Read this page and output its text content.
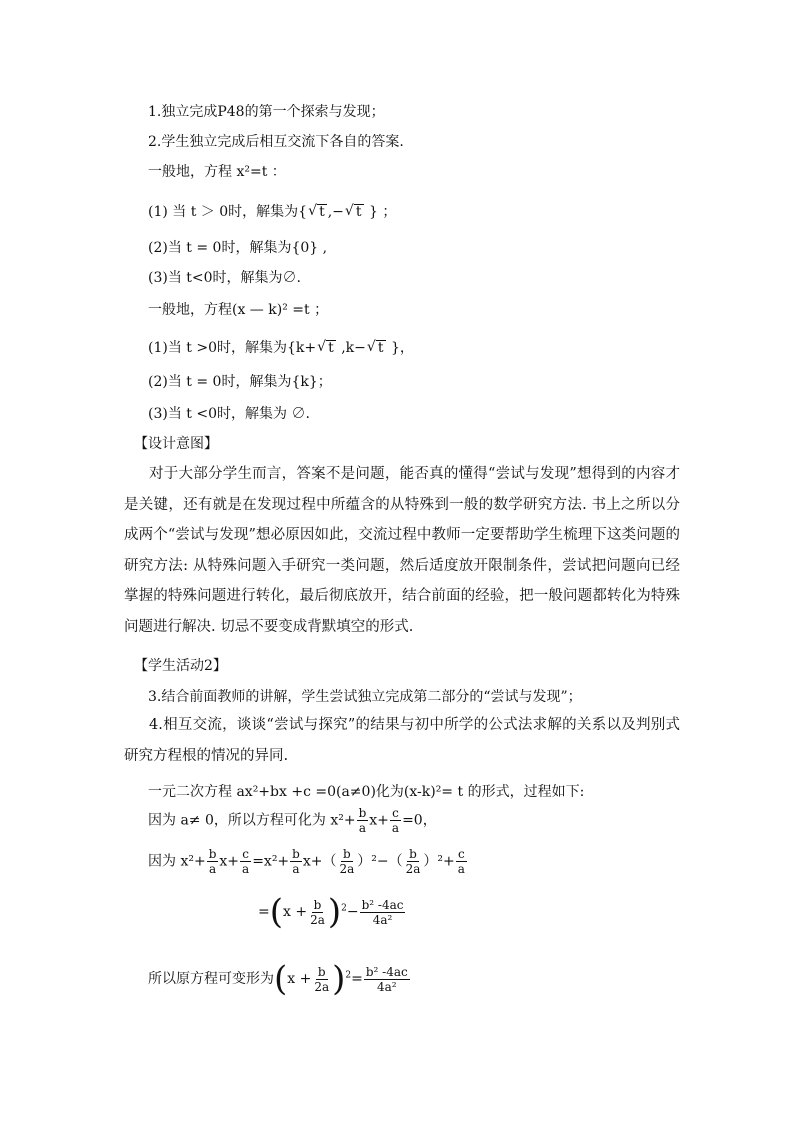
1.独立完成P48的第一个探索与发现；
2.学生独立完成后相互交流下各自的答案.
一般地，方程 x²=t ：
(1) 当 t ＞ 0时，解集为{ √ t ,− √ t } ；
(2)当 t = 0时，解集为{0} ,
(3)当 t<0时，解集为∅.
一般地，方程(x — k)² =t ；
(1)当 t >0时，解集为{k+ √ t ,k− √ t }，
(2)当 t = 0时，解集为{k}；
(3)当 t <0时，解集为 ∅.
【设计意图】
对于大部分学生而言，答案不是问题，能否真的懂得“尝试与发现”想得到的内容才是关键，还有就是在发现过程中所蕴含的从特殊到一般的数学研究方法. 书上之所以分成两个“尝试与发现”想必原因如此，交流过程中教师一定要帮助学生梳理下这类问题的研究方法: 从特殊问题入手研究一类问题，然后适度放开限制条件，尝试把问题向已经掌握的特殊问题进行转化，最后彻底放开，结合前面的经验，把一般问题都转化为特殊问题进行解决. 切忌不要变成背默填空的形式.
【学生活动2】
3.结合前面教师的讲解，学生尝试独立完成第二部分的“尝试与发现”；
4.相互交流，谈谈“尝试与探究”的结果与初中所学的公式法求解的关系以及判别式研究方程根的情况的异同.
一元二次方程 ax²+bx +c =0(a≠0)化为(x-k)²= t 的形式，过程如下:
因为 a≠ 0，所以方程可化为 $x^2+ \frac{b}{a} x+ \frac{c}{a} =0$，
因为 $x^2+ \frac{b}{a} x+ \frac{c}{a} =x^2+ \frac{b}{a} x+( \frac{b}{2a} )^2-( \frac{b}{2a} )^2+ \frac{c}{a}$
$=(x + \frac{b}{2a} )^2- \frac{\text{b² -4ac}}{\text{4a²}}$
所以原方程可变形为$(x + \frac{b}{2a} )^2= \frac{\text{b² -4ac}}{\text{4a²}}$
